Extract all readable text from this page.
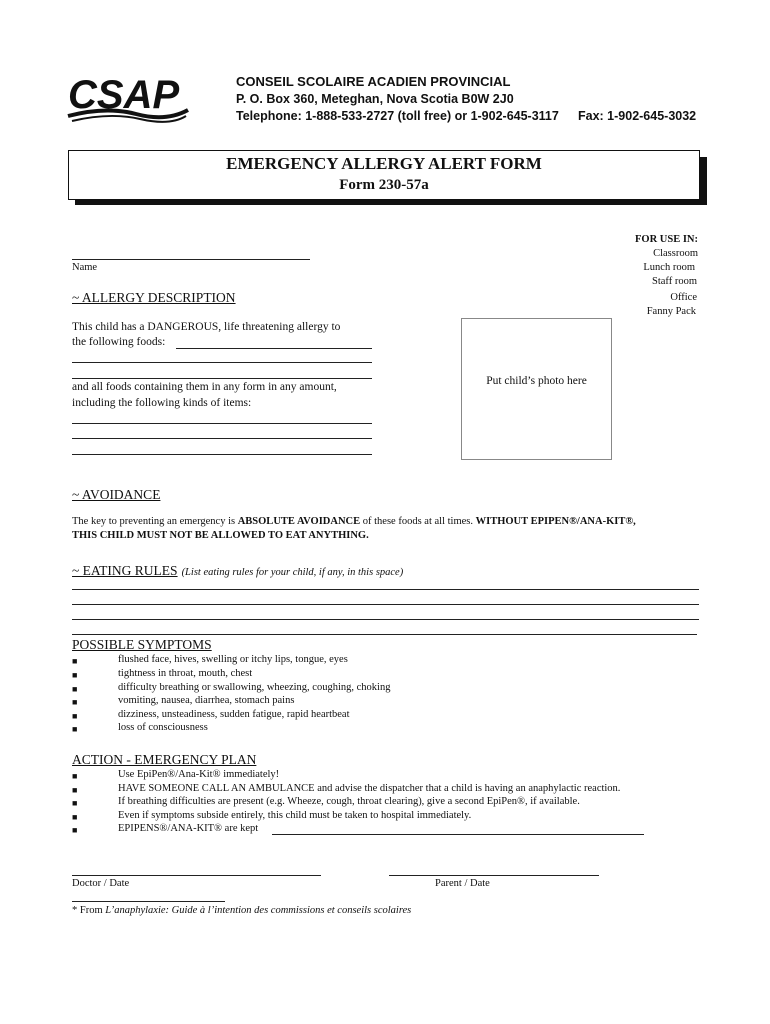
CSAP	CONSEIL SCOLAIRE ACADIEN PROVINCIAL
P. O. Box 360, Meteghan, Nova Scotia B0W 2J0
Telephone: 1-888-533-2727 (toll free) or 1-902-645-3117 Fax: 1-902-645-3032
EMERGENCY ALLERGY ALERT FORM
Form 230-57a
FOR USE IN:
Classroom
Lunch room
Staff room
Office
Fanny Pack
Name
~ ALLERGY DESCRIPTION
This child has a DANGEROUS, life threatening allergy to
the following foods:
and all foods containing them in any form in any amount,
including the following kinds of items:
Put child’s photo here
~ AVOIDANCE
The key to preventing an emergency is ABSOLUTE AVOIDANCE of these foods at all times. WITHOUT EPIPEN®/ANA-KIT®,
THIS CHILD MUST NOT BE ALLOWED TO EAT ANYTHING.
~ EATING RULES (List eating rules for your child, if any, in this space)
POSSIBLE SYMPTOMS
■	flushed face, hives, swelling or itchy lips, tongue, eyes
■	tightness in throat, mouth, chest
■	difficulty breathing or swallowing, wheezing, coughing, choking
■	vomiting, nausea, diarrhea, stomach pains
■	dizziness, unsteadiness, sudden fatigue, rapid heartbeat
■	loss of consciousness
ACTION - EMERGENCY PLAN
■	Use EpiPen®/Ana-Kit® immediately!
■	HAVE SOMEONE CALL AN AMBULANCE and advise the dispatcher that a child is having an anaphylactic reaction.
■	If breathing difficulties are present (e.g. Wheeze, cough, throat clearing), give a second EpiPen®, if available.
■	Even if symptoms subside entirely, this child must be taken to hospital immediately.
■	EPIPENS®/ANA-KIT® are kept
Doctor / Date	Parent / Date
* From L’anaphylaxie: Guide à l’intention des commissions et conseils scolaires
